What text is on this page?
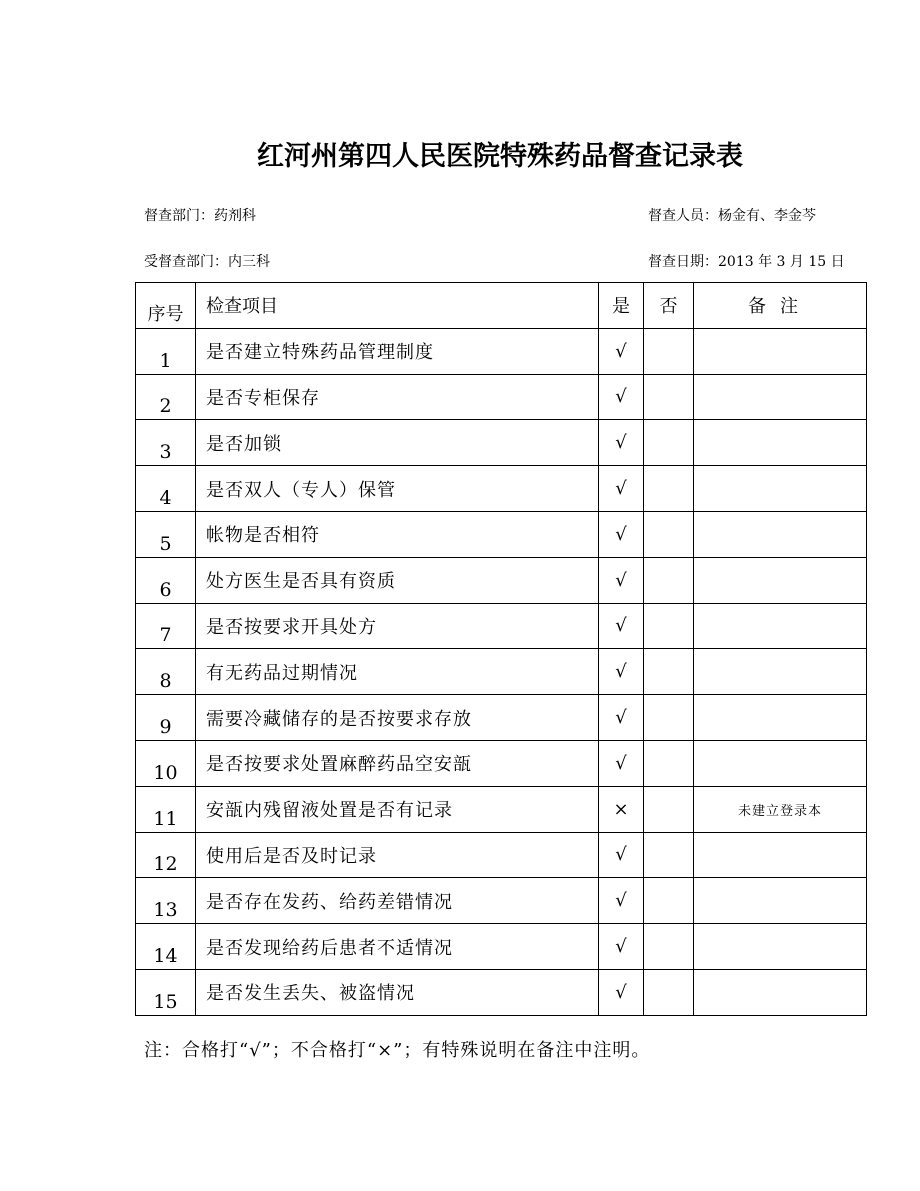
红河州第四人民医院特殊药品督查记录表
督查部门：药剂科	督查人员：杨金有、李金芩
受督查部门：内三科	督查日期：2013 年 3 月 15 日
序号	检查项目	是	否	备注
1	是否建立特殊药品管理制度	√		
2	是否专柜保存	√		
3	是否加锁	√		
4	是否双人（专人）保管	√		
5	帐物是否相符	√		
6	处方医生是否具有资质	√		
7	是否按要求开具处方	√		
8	有无药品过期情况	√		
9	需要冷藏储存的是否按要求存放	√		
10	是否按要求处置麻醉药品空安瓿	√		
11	安瓿内残留液处置是否有记录	×		未建立登录本
12	使用后是否及时记录	√		
13	是否存在发药、给药差错情况	√		
14	是否发现给药后患者不适情况	√		
15	是否发生丢失、被盗情况	√		
注：合格打“√”；不合格打“×”；有特殊说明在备注中注明。
